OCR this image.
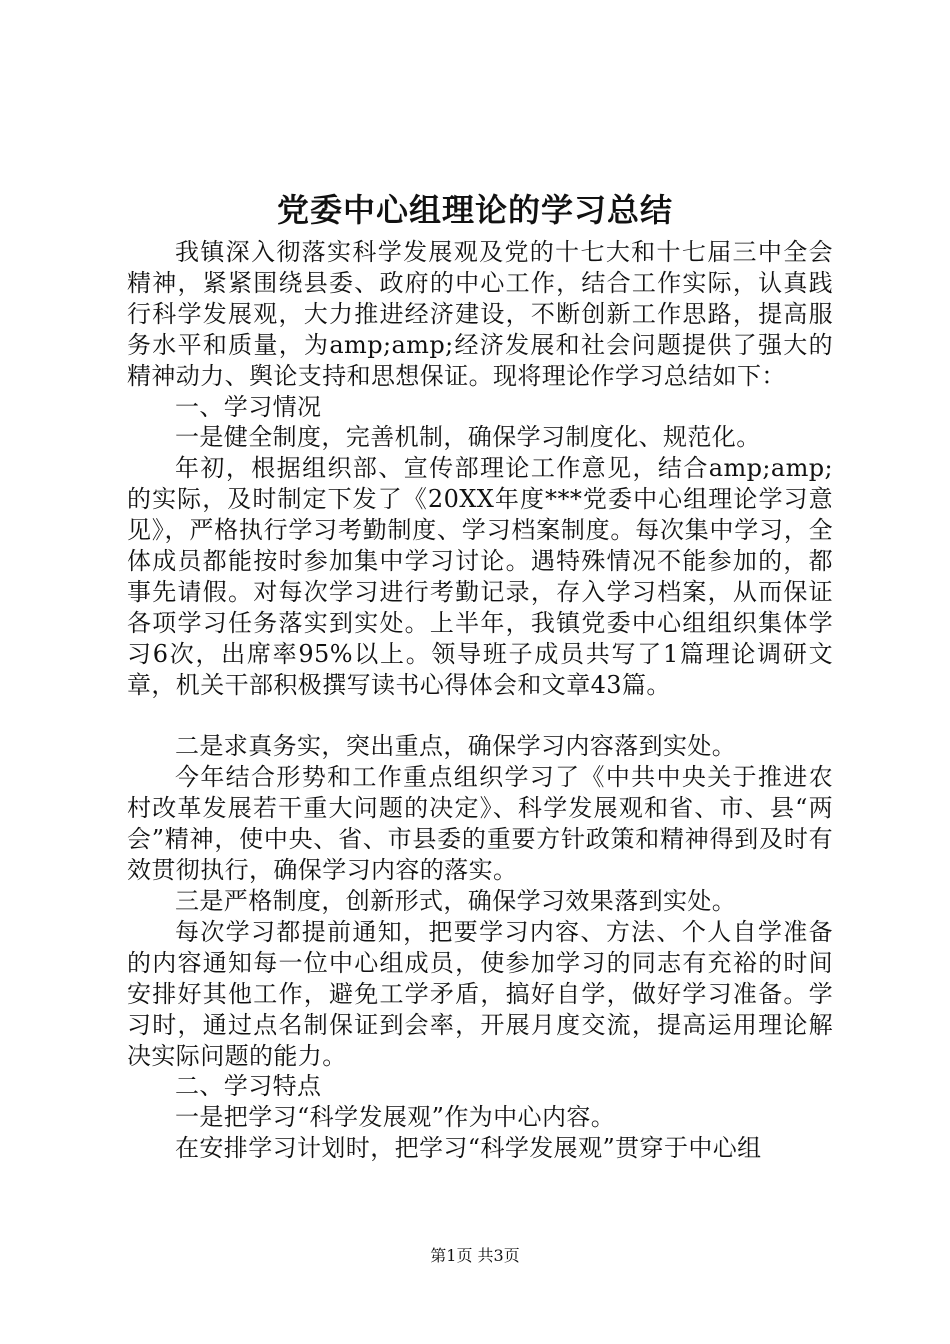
党委中心组理论的学习总结

我镇深入彻落实科学发展观及党的十七大和十七届三中全会精神，紧紧围绕县委、政府的中心工作，结合工作实际，认真践行科学发展观，大力推进经济建设，不断创新工作思路，提高服务水平和质量，为amp;amp;经济发展和社会问题提供了强大的精神动力、舆论支持和思想保证。现将理论作学习总结如下：

一、学习情况

一是健全制度，完善机制，确保学习制度化、规范化。

年初，根据组织部、宣传部理论工作意见，结合amp;amp;的实际，及时制定下发了《20XX年度***党委中心组理论学习意见》，严格执行学习考勤制度、学习档案制度。每次集中学习，全体成员都能按时参加集中学习讨论。遇特殊情况不能参加的，都事先请假。对每次学习进行考勤记录，存入学习档案，从而保证各项学习任务落实到实处。上半年，我镇党委中心组组织集体学习6次，出席率95%以上。领导班子成员共写了1篇理论调研文章，机关干部积极撰写读书心得体会和文章43篇。

二是求真务实，突出重点，确保学习内容落到实处。

今年结合形势和工作重点组织学习了《中共中央关于推进农村改革发展若干重大问题的决定》、科学发展观和省、市、县“两会”精神，使中央、省、市县委的重要方针政策和精神得到及时有效贯彻执行，确保学习内容的落实。

三是严格制度，创新形式，确保学习效果落到实处。

每次学习都提前通知，把要学习内容、方法、个人自学准备的内容通知每一位中心组成员，使参加学习的同志有充裕的时间安排好其他工作，避免工学矛盾，搞好自学，做好学习准备。学习时，通过点名制保证到会率，开展月度交流，提高运用理论解决实际问题的能力。

二、学习特点

一是把学习“科学发展观”作为中心内容。

在安排学习计划时，把学习“科学发展观”贯穿于中心组

第1页 共3页
